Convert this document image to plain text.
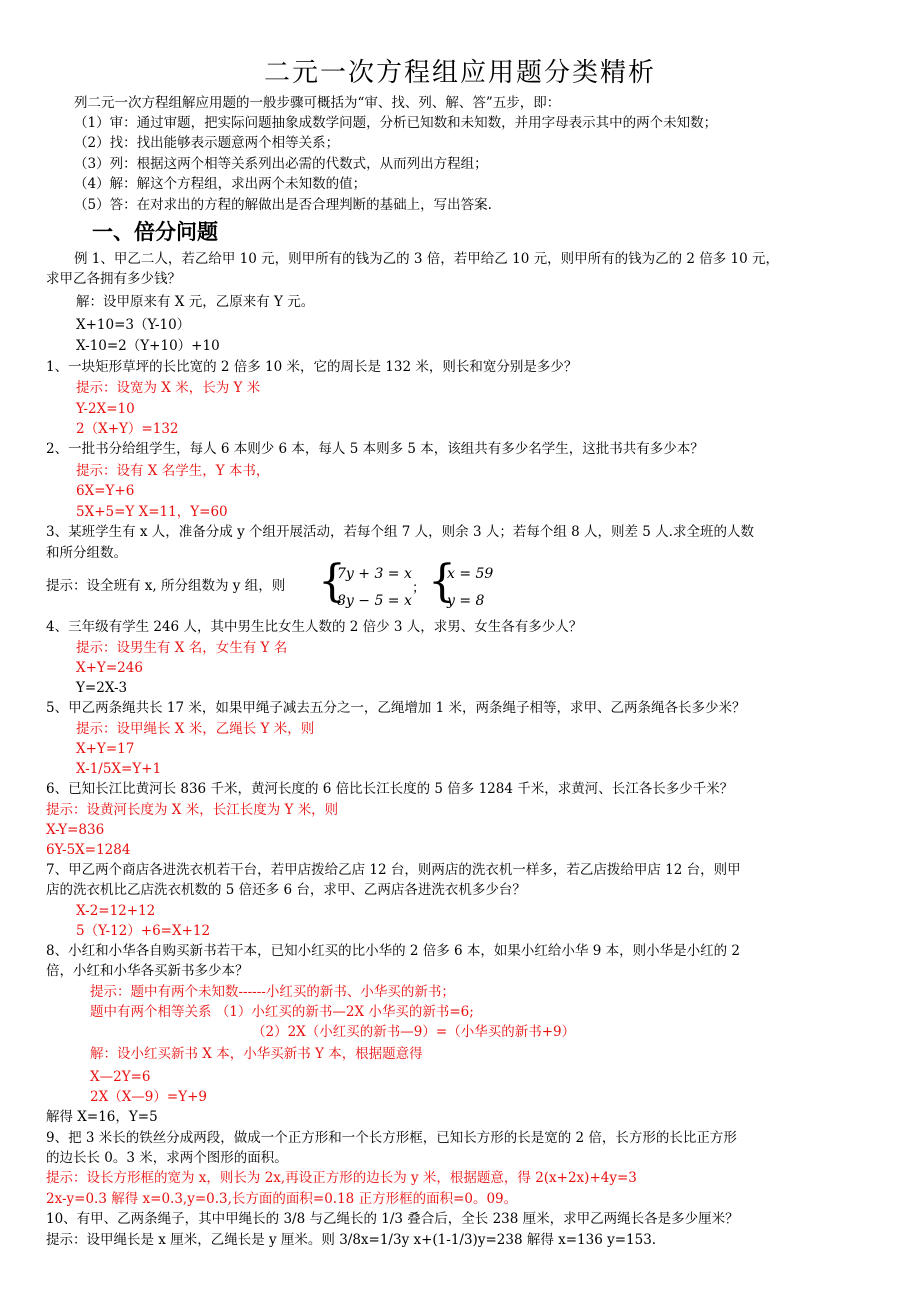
二元一次方程组应用题分类精析
列二元一次方程组解应用题的一般步骤可概括为“审、找、列、解、答”五步，即：
（1）审：通过审题，把实际问题抽象成数学问题，分析已知数和未知数，并用字母表示其中的两个未知数；
（2）找：找出能够表示题意两个相等关系；
（3）列：根据这两个相等关系列出必需的代数式，从而列出方程组；
（4）解：解这个方程组，求出两个未知数的值；
（5）答：在对求出的方程的解做出是否合理判断的基础上，写出答案.
一、倍分问题
例 1、甲乙二人，若乙给甲 10 元，则甲所有的钱为乙的 3 倍，若甲给乙 10 元，则甲所有的钱为乙的 2 倍多 10 元，
求甲乙各拥有多少钱？
解：设甲原来有 X 元，乙原来有 Y 元。
X+10=3（Y-10）
X-10=2（Y+10）+10
1、一块矩形草坪的长比宽的 2 倍多 10 米，它的周长是 132 米，则长和宽分别是多少？
提示：设宽为 X 米，长为 Y 米
Y-2X=10
2（X+Y）=132
2、一批书分给组学生，每人 6 本则少 6 本，每人 5 本则多 5 本，该组共有多少名学生，这批书共有多少本？
提示：设有 X 名学生，Y 本书，
6X=Y+6
5X+5=Y X=11，Y=60
3、某班学生有 x 人，准备分成 y 个组开展活动，若每个组 7 人，则余 3 人；若每个组 8 人，则差 5 人.求全班的人数
和所分组数。
提示：设全班有 x, 所分组数为 y 组，则 {
7y + 3 = x
8y − 5 = x
； {
x = 59
y = 8
4、三年级有学生 246 人，其中男生比女生人数的 2 倍少 3 人，求男、女生各有多少人？
提示：设男生有 X 名，女生有 Y 名
X+Y=246
Y=2X-3
5、甲乙两条绳共长 17 米，如果甲绳子减去五分之一，乙绳增加 1 米，两条绳子相等，求甲、乙两条绳各长多少米？
提示：设甲绳长 X 米，乙绳长 Y 米，则
X+Y=17
X-1/5X=Y+1
6、已知长江比黄河长 836 千米，黄河长度的 6 倍比长江长度的 5 倍多 1284 千米，求黄河、长江各长多少千米？
提示：设黄河长度为 X 米，长江长度为 Y 米，则
X-Y=836
6Y-5X=1284
7、甲乙两个商店各进洗衣机若干台，若甲店拨给乙店 12 台，则两店的洗衣机一样多，若乙店拨给甲店 12 台，则甲
店的洗衣机比乙店洗衣机数的 5 倍还多 6 台，求甲、乙两店各进洗衣机多少台？
X-2=12+12
5（Y-12）+6=X+12
8、小红和小华各自购买新书若干本，已知小红买的比小华的 2 倍多 6 本，如果小红给小华 9 本，则小华是小红的 2
倍，小红和小华各买新书多少本？
提示：题中有两个未知数------小红买的新书、小华买的新书；
题中有两个相等关系 （1）小红买的新书—2X 小华买的新书=6;
（2）2X（小红买的新书—9）=（小华买的新书+9）
解：设小红买新书 X 本，小华买新书 Y 本，根据题意得
X—2Y=6
2X（X—9）=Y+9
解得 X=16，Y=5
9、把 3 米长的铁丝分成两段，做成一个正方形和一个长方形框，已知长方形的长是宽的 2 倍，长方形的长比正方形
的边长长 0。3 米，求两个图形的面积。
提示：设长方形框的宽为 x，则长为 2x,再设正方形的边长为 y 米，根据题意，得 2(x+2x)+4y=3
2x-y=0.3 解得 x=0.3,y=0.3,长方面的面积=0.18 正方形框的面积=0。09。
10、有甲、乙两条绳子，其中甲绳长的 3/8 与乙绳长的 1/3 叠合后，全长 238 厘米，求甲乙两绳长各是多少厘米？
提示：设甲绳长是 x 厘米，乙绳长是 y 厘米。则 3/8x=1/3y x+(1-1/3)y=238 解得 x=136 y=153.
